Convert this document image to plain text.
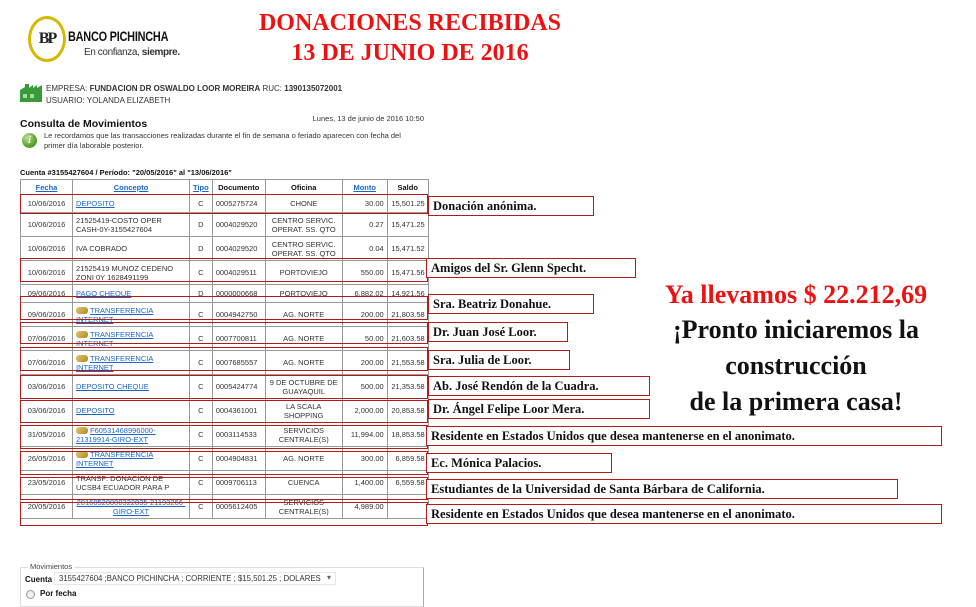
BP BANCO PICHINCHA
En confianza, siempre.
DONACIONES RECIBIDAS
13 DE JUNIO DE 2016
EMPRESA: FUNDACION DR OSWALDO LOOR MOREIRA RUC: 1390135072001
USUARIO: YOLANDA ELIZABETH
Consulta de Movimientos	Lunes, 13 de junio de 2016 10:50
i	Le recordamos que las transacciones realizadas durante el fin de semana o feriado aparecen con fecha del primer día laborable posterior.
Cuenta #3155427604 / Período: "20/05/2016" al "13/06/2016"
Fecha	Concepto	Tipo	Documento	Oficina	Monto	Saldo
10/06/2016	DEPOSITO	C	0005275724	CHONE	30.00	15,501.25
10/06/2016	21525419-COSTO OPER CASH-0Y-3155427604	D	0004029520	CENTRO SERVIC. OPERAT. SS. QTO	0.27	15,471.25
10/06/2016	IVA COBRADO	D	0004029520	CENTRO SERVIC. OPERAT. SS. QTO	0.04	15,471.52
10/06/2016	21525419 MUNOZ CEDENO ZONI 0Y 1628491199	C	0004029511	PORTOVIEJO	550.00	15,471.56
09/06/2016	PAGO CHEQUE	D	0000000668	PORTOVIEJO	6,882.02	14,921.56
09/06/2016	TRANSFERENCIA INTERNET	C	0004942750	AG. NORTE	200.00	21,803.58
07/06/2016	TRANSFERENCIA INTERNET	C	0007700811	AG. NORTE	50.00	21,603.58
07/06/2016	TRANSFERENCIA INTERNET	C	0007685557	AG. NORTE	200.00	21,553.58
03/06/2016	DEPOSITO CHEQUE	C	0005424774	9 DE OCTUBRE DE GUAYAQUIL	500.00	21,353.58
03/06/2016	DEPOSITO	C	0004361001	LA SCALA SHOPPING	2,000.00	20,853.58
31/05/2016	F60531468996000-21319914-GIRO-EXT	C	0003114533	SERVICIOS CENTRALE(S)	11,994.00	18,853.58
26/05/2016	TRANSFERENCIA INTERNET	C	0004904831	AG. NORTE	300.00	6,859.58
23/05/2016	TRANSF: DONACION DE UCSB4 ECUADOR PARA P	C	0009706113	CUENCA	1,400.00	6,559.58
20/05/2016	20160520000322835-21193266-GIRO-EXT	C	0005612405	SERVICIOS CENTRALE(S)	4,989.00	
Donación anónima.
Amigos del Sr. Glenn Specht.
Sra. Beatriz Donahue.
Dr. Juan José Loor.
Sra. Julia de Loor.
Ab. José Rendón de la Cuadra.
Dr. Ángel Felipe Loor Mera.
Residente en Estados Unidos que desea mantenerse en el anonimato.
Ec. Mónica Palacios.
Estudiantes de la Universidad de Santa Bárbara de California.
Residente en Estados Unidos que desea mantenerse en el anonimato.
Ya llevamos $ 22.212,69
¡Pronto iniciaremos la
construcción
de la primera casa!
Movimientos
Cuenta 3155427604 ;BANCO PICHINCHA ; CORRIENTE ; $15,501.25 ; DOLARES ▾
Por fecha
